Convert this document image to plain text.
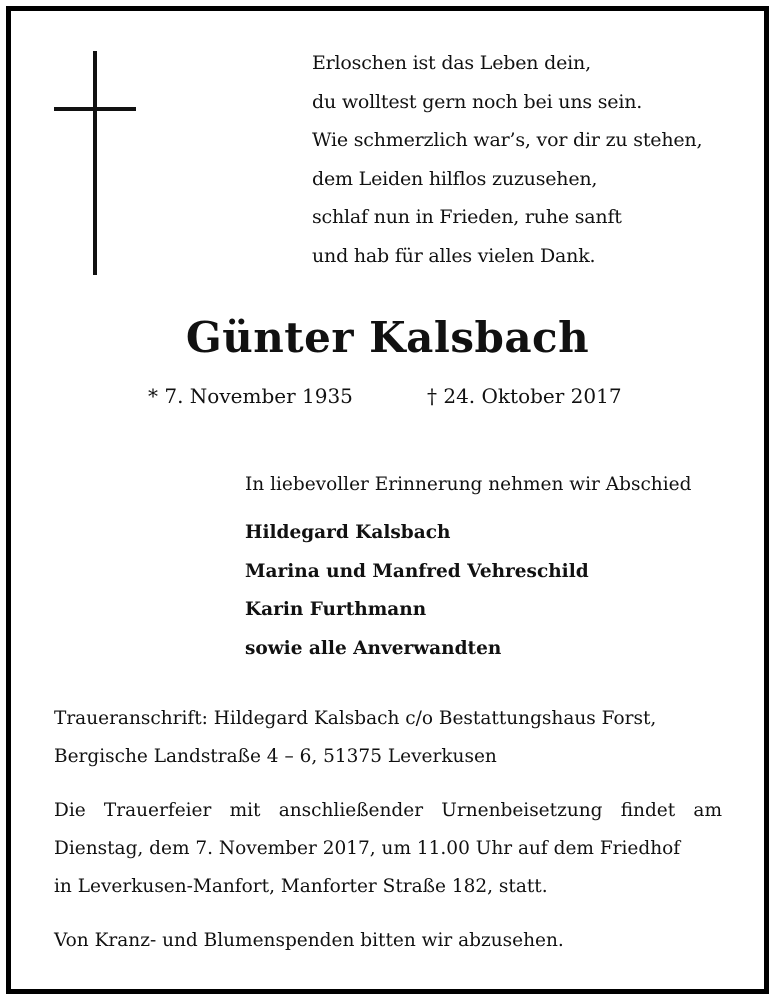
Erloschen ist das Leben dein,
du wolltest gern noch bei uns sein.
Wie schmerzlich war’s, vor dir zu stehen,
dem Leiden hilflos zuzusehen,
schlaf nun in Frieden, ruhe sanft
und hab für alles vielen Dank.
Günter Kalsbach
* 7. November 1935	† 24. Oktober 2017
In liebevoller Erinnerung nehmen wir Abschied
Hildegard Kalsbach
Marina und Manfred Vehreschild
Karin Furthmann
sowie alle Anverwandten
Traueranschrift: Hildegard Kalsbach c/o Bestattungshaus Forst,
Bergische Landstraße 4 – 6, 51375 Leverkusen
Die Trauerfeier mit anschließender Urnenbeisetzung findet am
Dienstag, dem 7. November 2017, um 11.00 Uhr auf dem Friedhof
in Leverkusen-Manfort, Manforter Straße 182, statt.
Von Kranz- und Blumenspenden bitten wir abzusehen.
